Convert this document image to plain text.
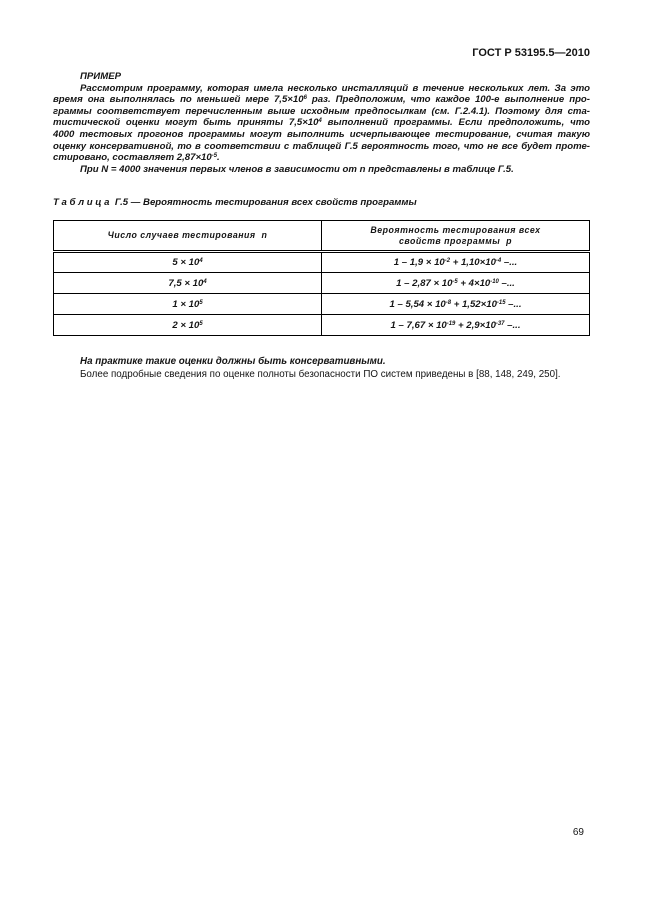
ГОСТ Р 53195.5—2010
ПРИМЕР
Рассмотрим программу, которая имела несколько инсталляций в течение нескольких лет. За это
время она выполнялась по меньшей мере $7,5\times 10^6$ раз. Предположим, что каждое 100-е выполнение про-
граммы соответствует перечисленным выше исходным предпосылкам (см. Г.2.4.1). Поэтому для ста-
тистической оценки могут быть приняты $7,5\times 10^4$ выполнений программы. Если предположить, что
4000 тестовых прогонов программы могут выполнить исчерпывающее тестирование, считая такую
оценку консервативной, то в соответствии с таблицей Г.5 вероятность того, что не все будет проте-
стировано, составляет $2,87\times 10^{-5}$.
При N = 4000 значения первых членов в зависимости от n представлены в таблице Г.5.
Т а б л и ц а  Г.5 — Вероятность тестирования всех свойств программы
Число случаев тестирования  n	Вероятность тестирования всех
свойств программы  p

$5 \times 10^4$	$1 - 1,9 \times 10^{-2} + 1,10\times 10^{-4}$ –...
$7,5 \times 10^4$	$1 - 2,87 \times 10^{-5} + 4\times 10^{-10}$ –...
$1 \times 10^5$	$1 - 5,54 \times 10^{-8} + 1,52\times 10^{-15}$ –...
$2 \times 10^5$	$1 - 7,67 \times 10^{-19} + 2,9\times 10^{-37}$ –...
На практике такие оценки должны быть консервативными.
Более подробные сведения по оценке полноты безопасности ПО систем приведены в [88, 148, 249, 250].
69
